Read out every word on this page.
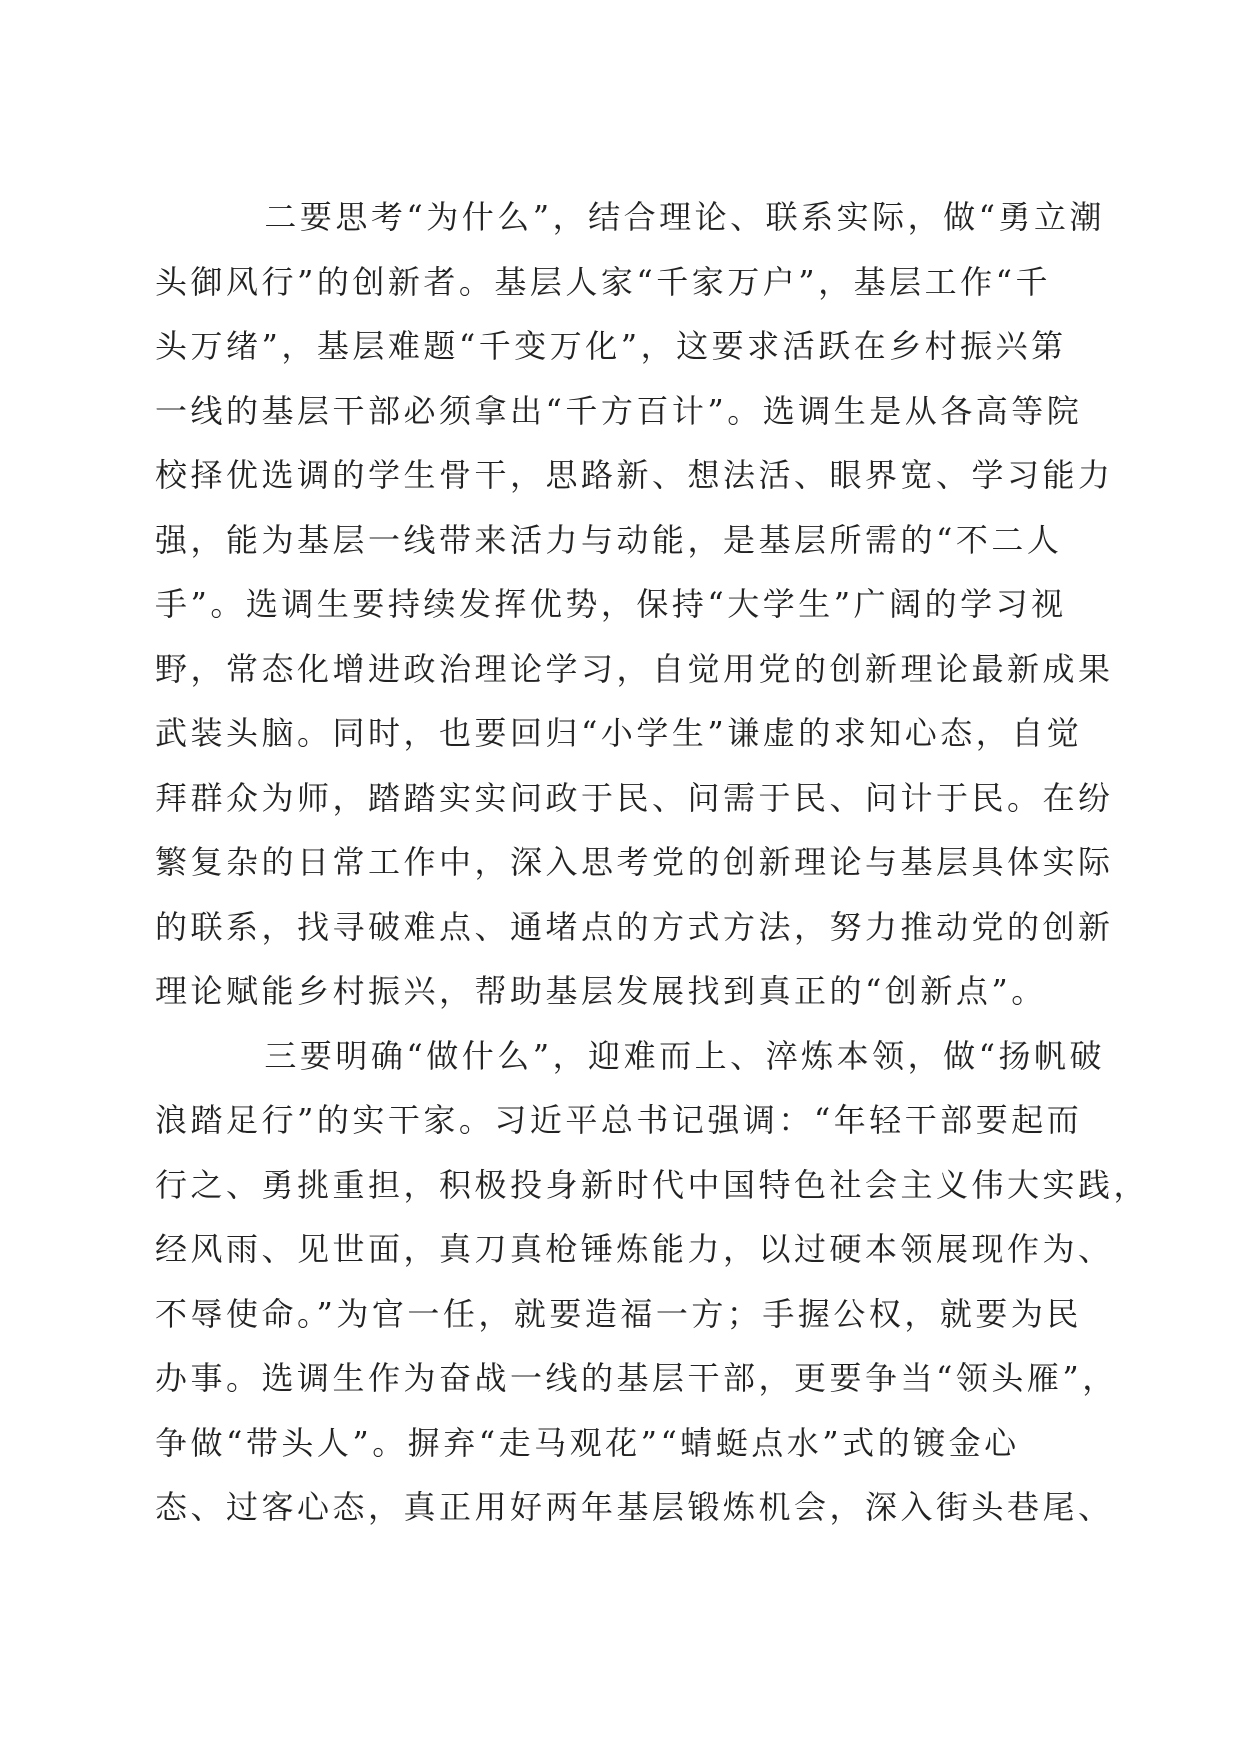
二要思考“为什么”，结合理论、联系实际，做“勇立潮
头御风行”的创新者。基层人家“千家万户”，基层工作“千
头万绪”，基层难题“千变万化”，这要求活跃在乡村振兴第
一线的基层干部必须拿出“千方百计”。选调生是从各高等院
校择优选调的学生骨干，思路新、想法活、眼界宽、学习能力
强，能为基层一线带来活力与动能，是基层所需的“不二人
手”。选调生要持续发挥优势，保持“大学生”广阔的学习视
野，常态化增进政治理论学习，自觉用党的创新理论最新成果
武装头脑。同时，也要回归“小学生”谦虚的求知心态，自觉
拜群众为师，踏踏实实问政于民、问需于民、问计于民。在纷
繁复杂的日常工作中，深入思考党的创新理论与基层具体实际
的联系，找寻破难点、通堵点的方式方法，努力推动党的创新
理论赋能乡村振兴，帮助基层发展找到真正的“创新点”。
三要明确“做什么”，迎难而上、淬炼本领，做“扬帆破
浪踏足行”的实干家。习近平总书记强调：“年轻干部要起而
行之、勇挑重担，积极投身新时代中国特色社会主义伟大实践，
经风雨、见世面，真刀真枪锤炼能力，以过硬本领展现作为、
不辱使命。”为官一任，就要造福一方；手握公权，就要为民
办事。选调生作为奋战一线的基层干部，更要争当“领头雁”，
争做“带头人”。摒弃“走马观花”“蜻蜓点水”式的镀金心
态、过客心态，真正用好两年基层锻炼机会，深入街头巷尾、
